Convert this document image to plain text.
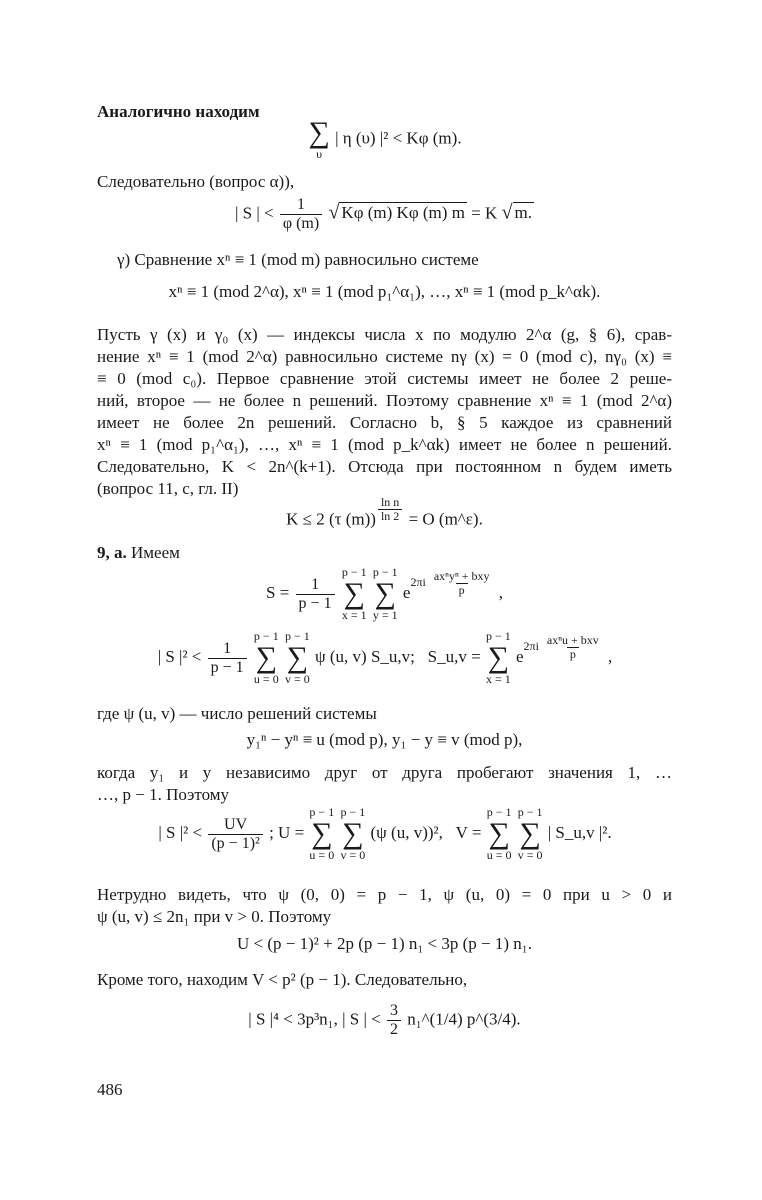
Аналогично находим
∑
υ
| η (υ) |² < Kφ (m).
Следовательно (вопрос α)),
| S | < $\frac{1}{\varphi (m)}$ √ Kφ (m) Kφ (m) m = K √ m.
γ) Сравнение xⁿ ≡ 1 (mod m) равносильно системе
xⁿ ≡ 1 (mod 2^α), xⁿ ≡ 1 (mod p₁^α₁), …, xⁿ ≡ 1 (mod p_k^αk).
Пусть γ (x) и γ₀ (x) — индексы числа x по модулю 2^α (g, § 6), срав-
нение xⁿ ≡ 1 (mod 2^α) равносильно системе nγ (x) = 0 (mod c), nγ₀ (x) ≡
≡ 0 (mod c₀). Первое сравнение этой системы имеет не более 2 реше-
ний, второе — не более n решений. Поэтому сравнение xⁿ ≡ 1 (mod 2^α)
имеет не более 2n решений. Согласно b, § 5 каждое из сравнений
xⁿ ≡ 1 (mod p₁^α₁), …, xⁿ ≡ 1 (mod p_k^αk) имеет не более n решений.
Следовательно, K < 2n^(k+1). Отсюда при постоянном n будем иметь
(вопрос 11, c, гл. II)
K ≤ 2 (τ (m)) $^{\frac{\text{ln n}}{\ln 2}}$ = O (m^ε).
9, a. Имеем
$S = \frac{1}{p - 1}$

p − 1
∑
x = 1

p − 1
∑
y = 1
$e^{2\pi i ax^ny^n + bxy p}$ ,
| S $|^2 < \frac{1}{p - 1}$

p − 1
∑
u = 0

p − 1
∑
v = 0
ψ (u, v) S_u,v; S_u,v =
p − 1
∑
x = 1
$e^{2\pi i ax^nu + bxv p}$ ,
где ψ (u, v) — число решений системы
y₁ⁿ − yⁿ ≡ u (mod p), y₁ − y ≡ v (mod p),
когда y₁ и y независимо друг от друга пробегают значения 1, …
…, p − 1. Поэтому
| S $|^2 < \frac{UV}{\text{(p − 1)²}}$ ; U =
p − 1
∑
u = 0

p − 1
∑
v = 0
(ψ (u, v))², V =
p − 1
∑
u = 0

p − 1
∑
v = 0
| S_u,v |².
Нетрудно видеть, что ψ (0, 0) = p − 1, ψ (u, 0) = 0 при u > 0 и
ψ (u, v) ≤ 2n₁ при v > 0. Поэтому
U < (p − 1)² + 2p (p − 1) n₁ < 3p (p − 1) n₁.
Кроме того, находим V < p² (p − 1). Следовательно,
| S |⁴ < 3p³n₁, | S | < $\frac{3}{2}$ n₁^(1/4) p^(3/4).
486
